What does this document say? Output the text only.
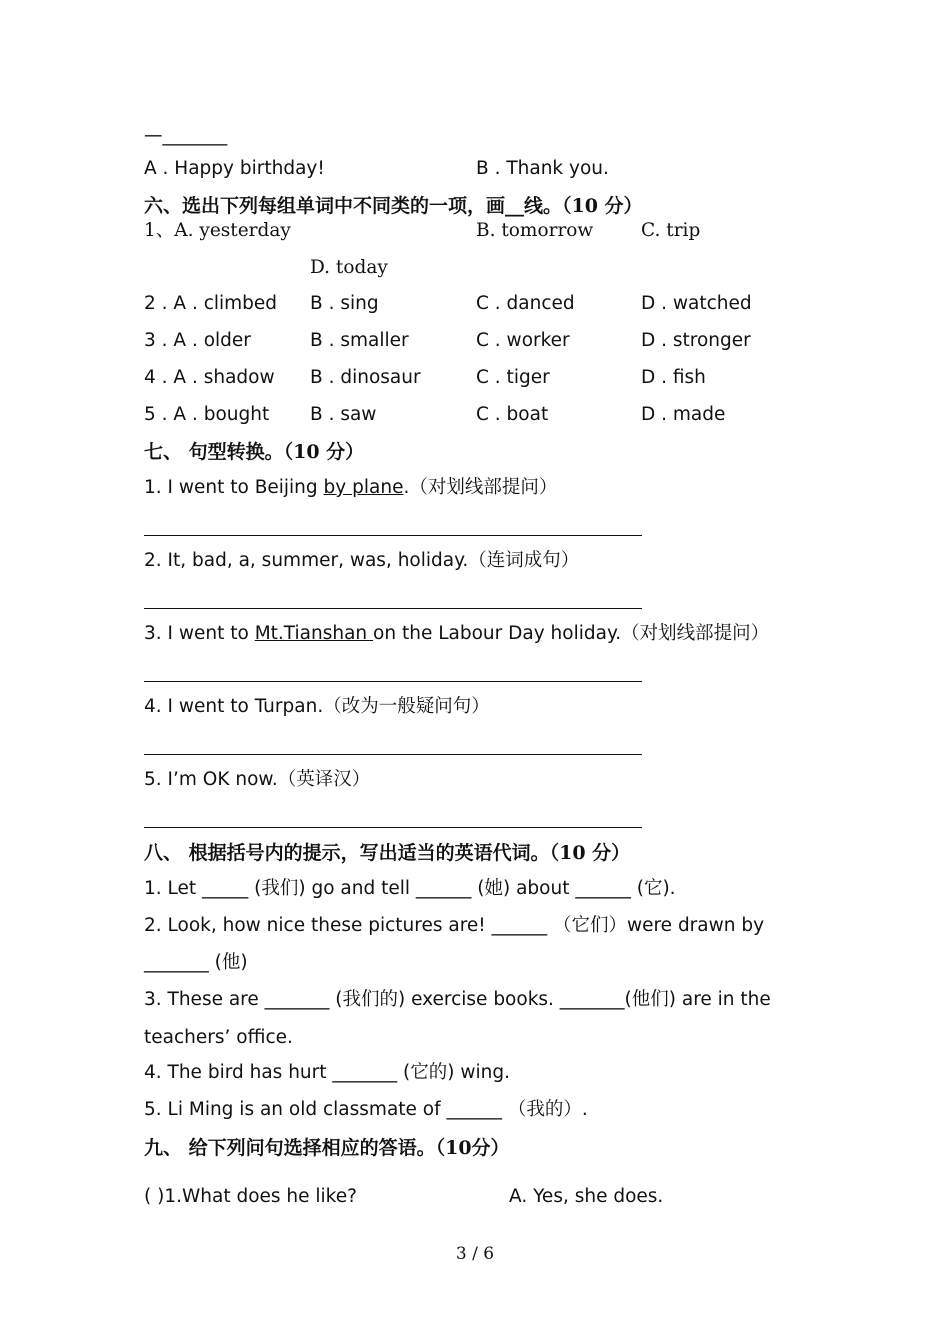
—_______
A . Happy birthday!	B . Thank you.
六、选出下列每组单词中不同类的一项，画__线。（10 分）
1、A. yesterday	B. tomorrow	C. trip
D. today
2 . A . climbed B . sing	C . danced	D . watched
3 . A . older	B . smaller	C . worker	D . stronger
4 . A . shadow B . dinosaur	C . tiger	D . fish
5 . A . bought B . saw	C . boat	D . made
七、 句型转换。（10 分）
1. I went to Beijing by plane.（对划线部提问）
2. It, bad, a, summer, was, holiday.（连词成句）
3. I went to Mt.Tianshan on the Labour Day holiday.（对划线部提问）
4. I went to Turpan.（改为一般疑问句）
5. I’m OK now.（英译汉）
八、 根据括号内的提示，写出适当的英语代词。（10 分）
1. Let _____ (我们) go and tell ______ (她) about ______ (它).
2. Look, how nice these pictures are! ______ （它们）were drawn by
_______ (他)
3. These are _______ (我们的) exercise books. _______(他们) are in the
teachers’ office.
4. The bird has hurt _______ (它的) wing.
5. Li Ming is an old classmate of ______ （我的）.
九、 给下列问句选择相应的答语。（10分）
( )1.What does he like?	A. Yes, she does.
3 / 6
